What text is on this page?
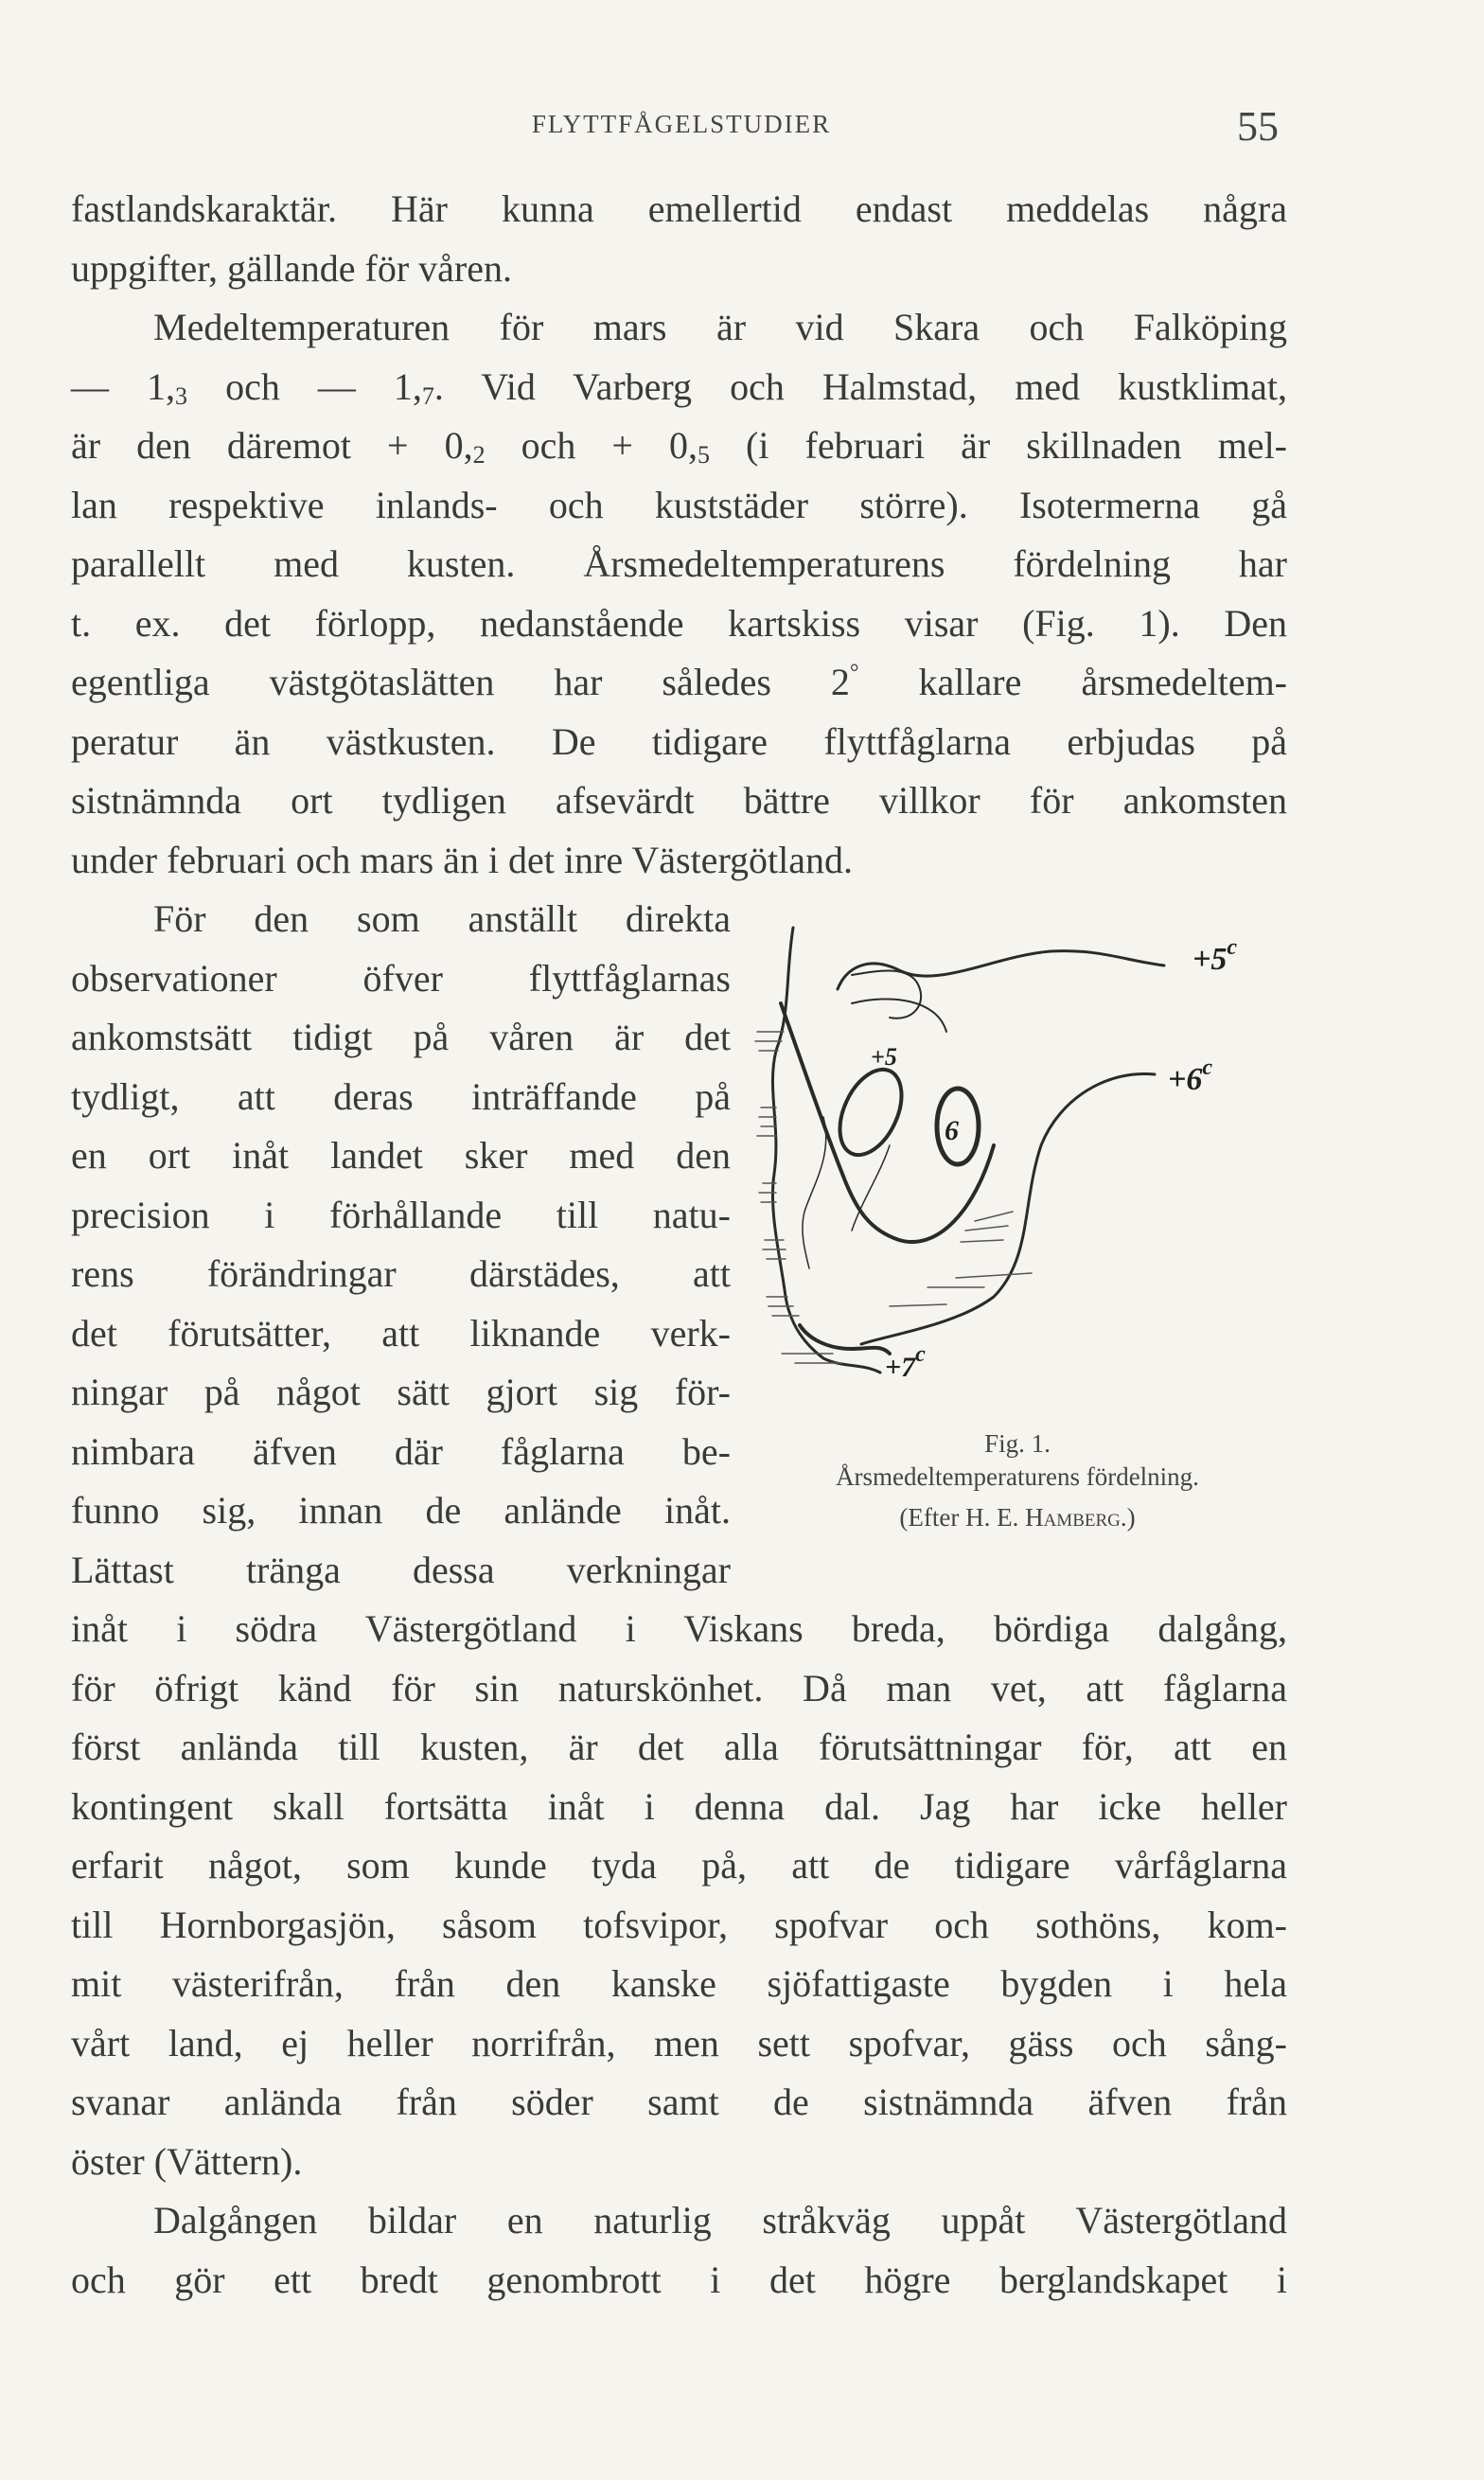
FLYTTFÅGELSTUDIER	55
fastlandskaraktär. Här kunna emellertid endast meddelas några
uppgifter, gällande för våren.
Medeltemperaturen för mars är vid Skara och Falköping
— $1,_3$ och — $1,_7$. Vid Varberg och Halmstad, med kustklimat,
är den däremot + $0,_2$ och + $0,_5$ (i februari är skillnaden mel-
lan respektive inlands- och kuststäder större). Isotermerna gå
parallellt med kusten. Årsmedeltemperaturens fördelning har
t. ex. det förlopp, nedanstående kartskiss visar (Fig. 1). Den
egentliga västgötaslätten har således 2° kallare årsmedeltem-
peratur än västkusten. De tidigare flyttfåglarna erbjudas på
sistnämnda ort tydligen afsevärdt bättre villkor för ankomsten
under februari och mars än i det inre Västergötland.
För den som anställt direkta
observationer öfver flyttfåglarnas
ankomstsätt tidigt på våren är det
tydligt, att deras inträffande på
en ort inåt landet sker med den
precision i förhållande till natu-
rens förändringar därstädes, att
det förutsätter, att liknande verk-
ningar på något sätt gjort sig för-
nimbara äfven där fåglarna be-
funno sig, innan de anlände inåt.
Lättast tränga dessa verkningar
$+5^c$
$+6^c$
$+7^c$
+5
6
Fig. 1.
Årsmedeltemperaturens fördelning.
(Efter H. E. Hamberg.)
inåt i södra Västergötland i Viskans breda, bördiga dalgång,
för öfrigt känd för sin naturskönhet. Då man vet, att fåglarna
först anlända till kusten, är det alla förutsättningar för, att en
kontingent skall fortsätta inåt i denna dal. Jag har icke heller
erfarit något, som kunde tyda på, att de tidigare vårfåglarna
till Hornborgasjön, såsom tofsvipor, spofvar och sothöns, kom-
mit västerifrån, från den kanske sjöfattigaste bygden i hela
vårt land, ej heller norrifrån, men sett spofvar, gäss och sång-
svanar anlända från söder samt de sistnämnda äfven från
öster (Vättern).
Dalgången bildar en naturlig stråkväg uppåt Västergötland
och gör ett bredt genombrott i det högre berglandskapet i
